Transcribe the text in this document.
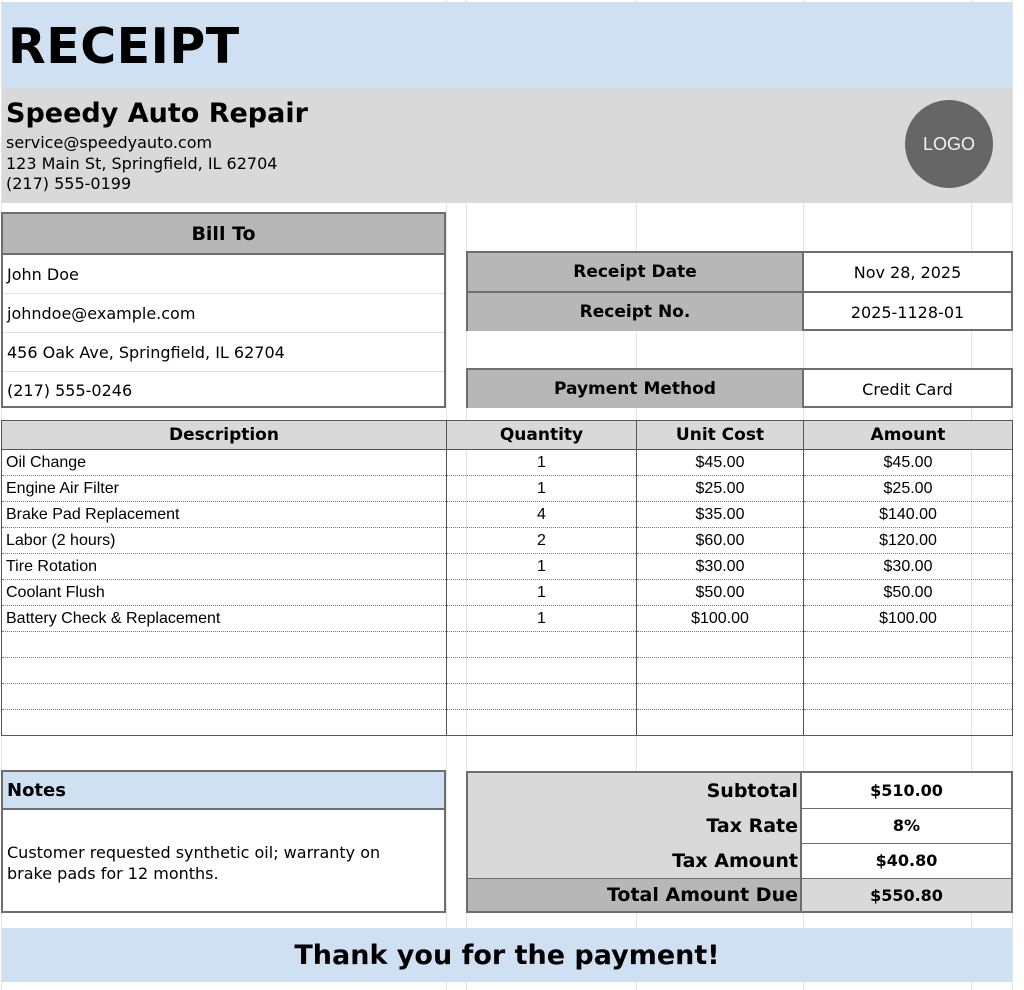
RECEIPT
Speedy Auto Repair
service@speedyauto.com
123 Main St, Springfield, IL 62704
(217) 555-0199
LOGO
Bill To
John Doe
johndoe@example.com
456 Oak Ave, Springfield, IL 62704
(217) 555-0246
Receipt Date	Nov 28, 2025
Receipt No.	2025-1128-01
Payment Method	Credit Card
Description	Quantity	Unit Cost	Amount
Oil Change	1	$45.00	$45.00
Engine Air Filter	1	$25.00	$25.00
Brake Pad Replacement	4	$35.00	$140.00
Labor (2 hours)	2	$60.00	$120.00
Tire Rotation	1	$30.00	$30.00
Coolant Flush	1	$50.00	$50.00
Battery Check & Replacement	1	$100.00	$100.00

Notes
Customer requested synthetic oil; warranty on brake pads for 12 months.
Subtotal	$510.00
Tax Rate	8%
Tax Amount	$40.80
Total Amount Due	$550.80
Thank you for the payment!
